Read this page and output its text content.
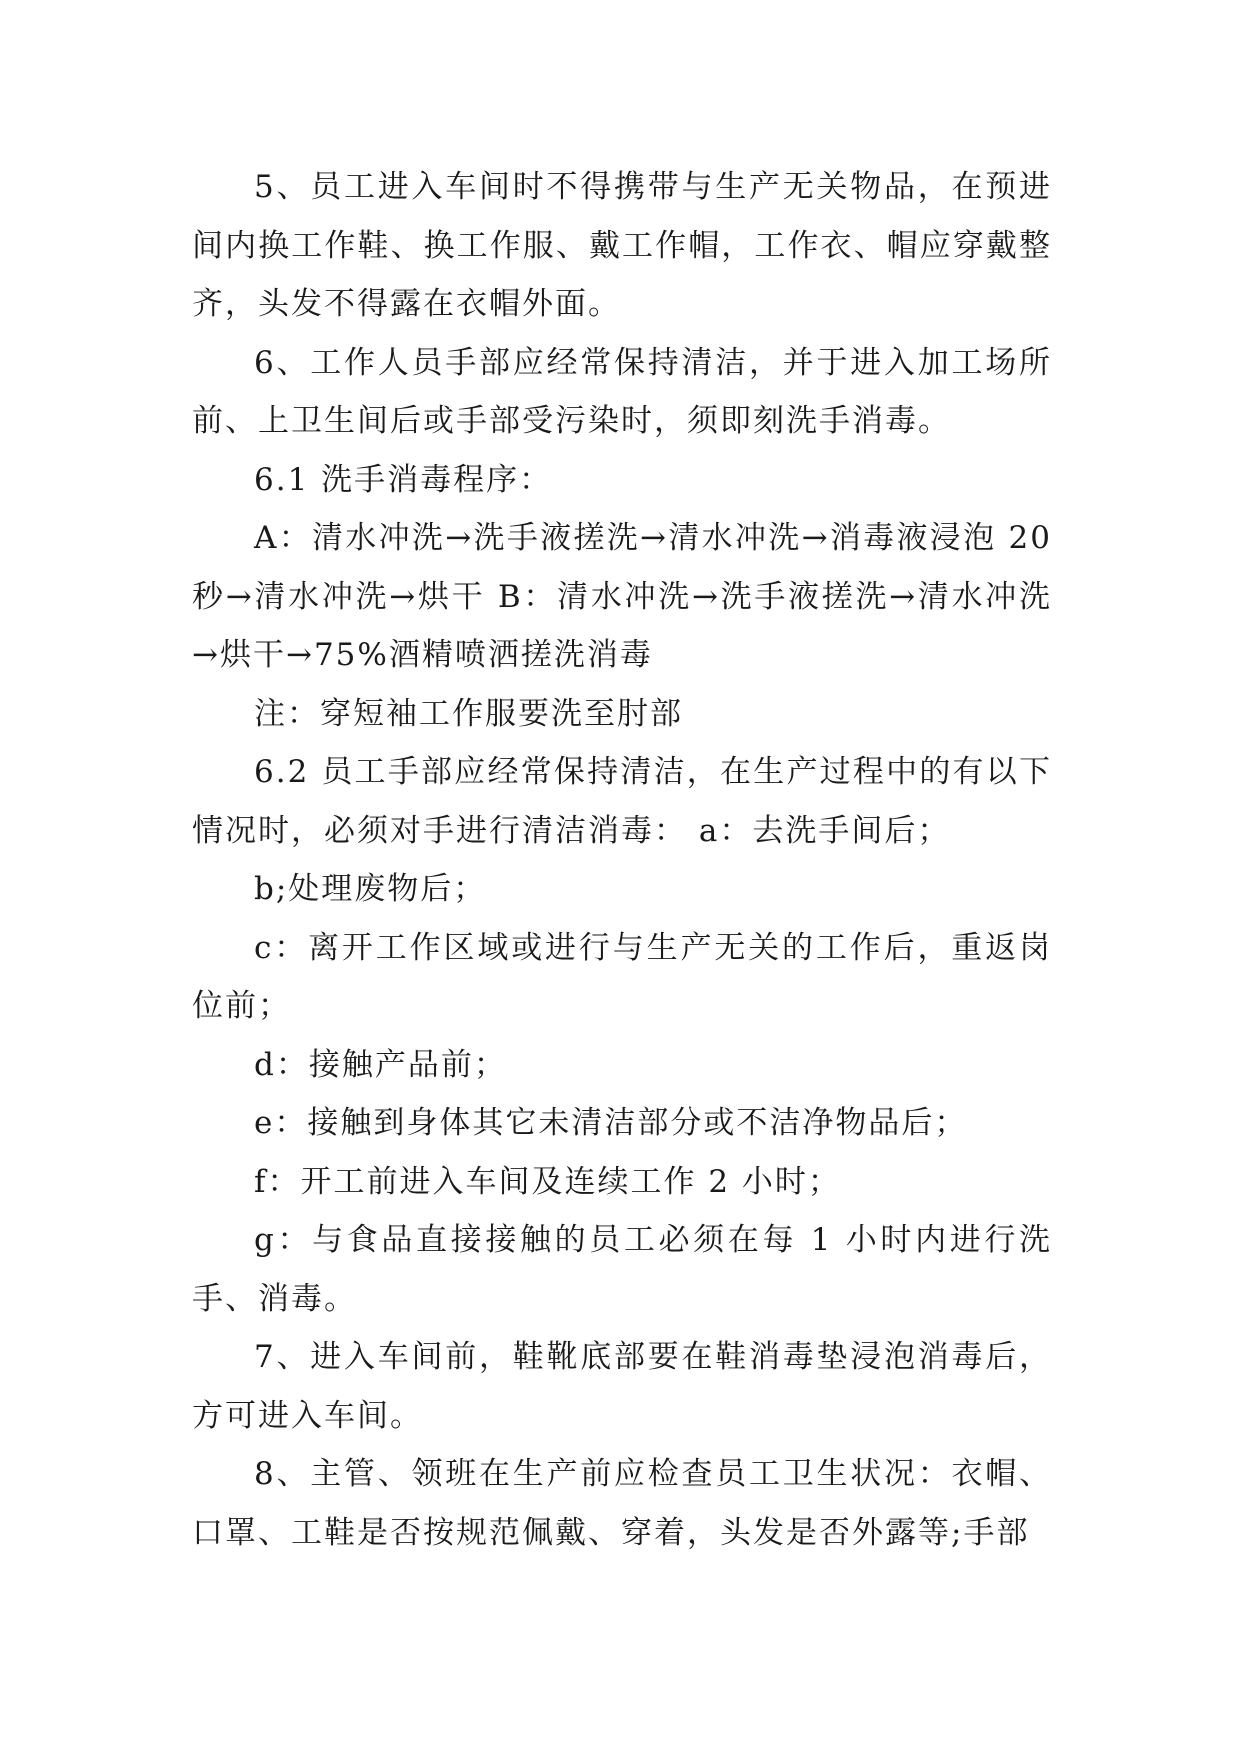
5、员工进入车间时不得携带与生产无关物品，在预进间内换工作鞋、换工作服、戴工作帽，工作衣、帽应穿戴整齐，头发不得露在衣帽外面。

6、工作人员手部应经常保持清洁，并于进入加工场所前、上卫生间后或手部受污染时，须即刻洗手消毒。

6.1 洗手消毒程序：

A：清水冲洗→洗手液搓洗→清水冲洗→消毒液浸泡 20 秒→清水冲洗→烘干 B：清水冲洗→洗手液搓洗→清水冲洗→烘干→75%酒精喷洒搓洗消毒

注：穿短袖工作服要洗至肘部

6.2 员工手部应经常保持清洁，在生产过程中的有以下情况时，必须对手进行清洁消毒： a：去洗手间后；

b;处理废物后；

c：离开工作区域或进行与生产无关的工作后，重返岗位前；

d：接触产品前；

e：接触到身体其它未清洁部分或不洁净物品后；

f：开工前进入车间及连续工作 2 小时；

g：与食品直接接触的员工必须在每 1 小时内进行洗手、消毒。

7、进入车间前，鞋靴底部要在鞋消毒垫浸泡消毒后，方可进入车间。

8、主管、领班在生产前应检查员工卫生状况：衣帽、口罩、工鞋是否按规范佩戴、穿着，头发是否外露等;手部
